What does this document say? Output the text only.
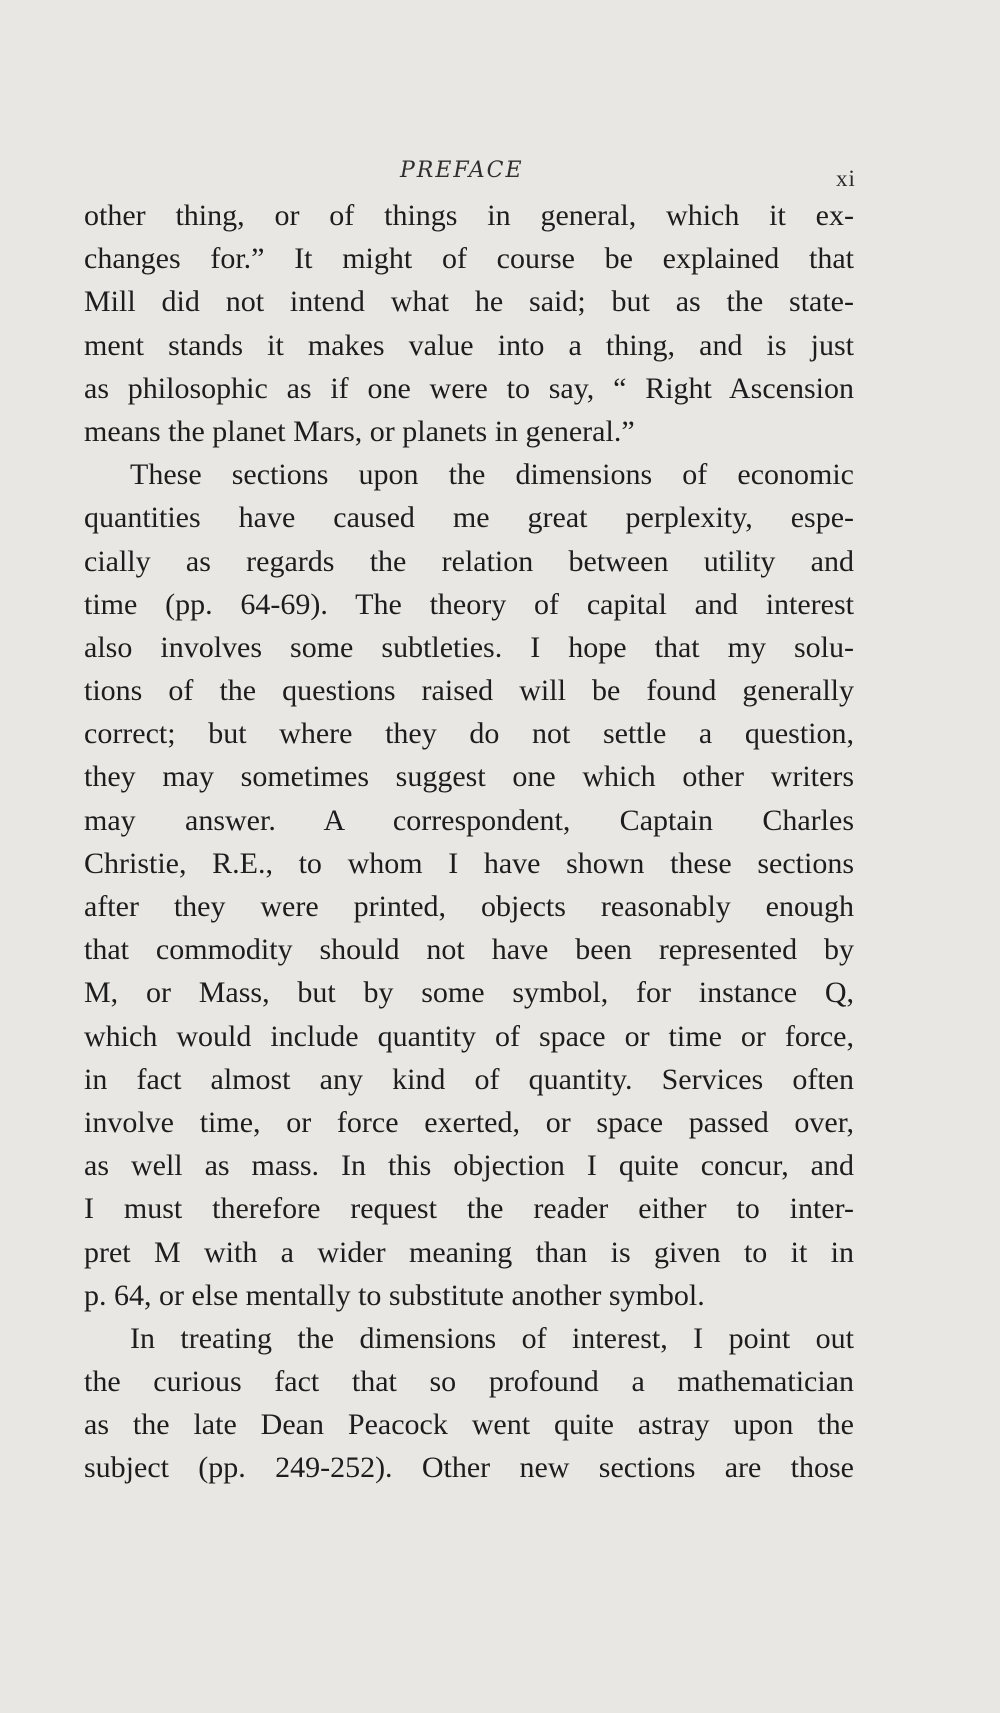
PREFACE	xi
other thing, or of things in general, which it ex-
changes for.” It might of course be explained that
Mill did not intend what he said; but as the state-
ment stands it makes value into a thing, and is just
as philosophic as if one were to say, “ Right Ascension
means the planet Mars, or planets in general.”
These sections upon the dimensions of economic
quantities have caused me great perplexity, espe-
cially as regards the relation between utility and
time (pp. 64-69). The theory of capital and interest
also involves some subtleties. I hope that my solu-
tions of the questions raised will be found generally
correct; but where they do not settle a question,
they may sometimes suggest one which other writers
may answer. A correspondent, Captain Charles
Christie, R.E., to whom I have shown these sections
after they were printed, objects reasonably enough
that commodity should not have been represented by
M, or Mass, but by some symbol, for instance Q,
which would include quantity of space or time or force,
in fact almost any kind of quantity. Services often
involve time, or force exerted, or space passed over,
as well as mass. In this objection I quite concur, and
I must therefore request the reader either to inter-
pret M with a wider meaning than is given to it in
p. 64, or else mentally to substitute another symbol.
In treating the dimensions of interest, I point out
the curious fact that so profound a mathematician
as the late Dean Peacock went quite astray upon the
subject (pp. 249-252). Other new sections are those
